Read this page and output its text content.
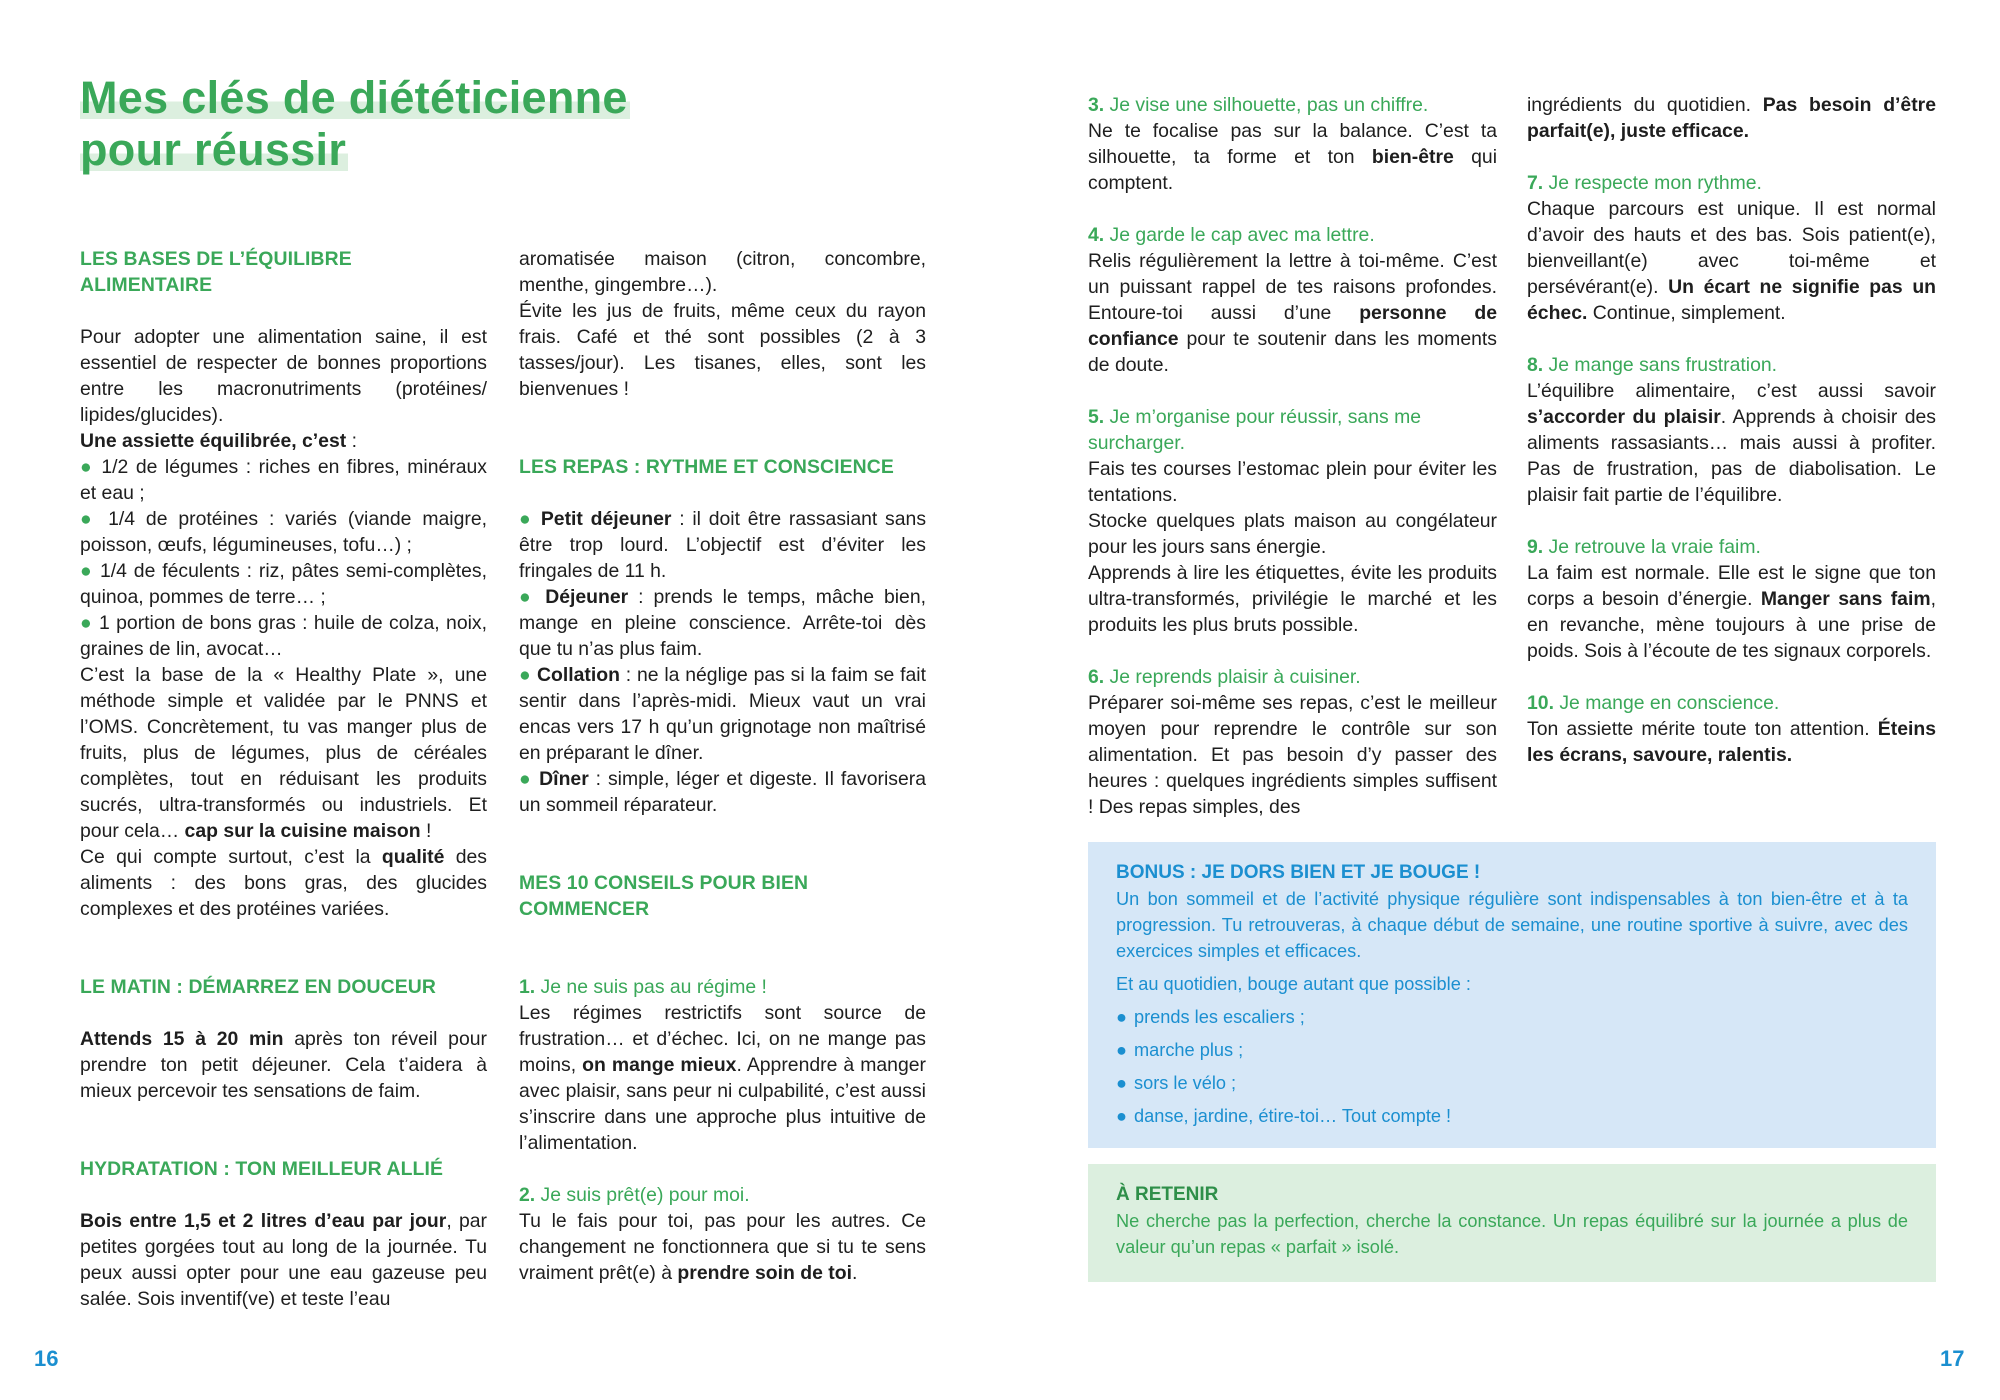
Mes clés de diététicienne
pour réussir

LES BASES DE L’ÉQUILIBRE
ALIMENTAIRE

Pour adopter une alimentation saine, il est essentiel de respecter de bonnes proportions entre les macronutriments (protéines/ lipides/glucides).

Une assiette équilibrée, c’est :

● 1/2 de légumes : riches en fibres, minéraux et eau ;

● 1/4 de protéines : variés (viande maigre, poisson, œufs, légumineuses, tofu…) ;

● 1/4 de féculents : riz, pâtes semi-complètes, quinoa, pommes de terre… ;

● 1 portion de bons gras : huile de colza, noix, graines de lin, avocat…

C’est la base de la « Healthy Plate », une méthode simple et validée par le PNNS et l’OMS. Concrètement, tu vas manger plus de fruits, plus de légumes, plus de céréales complètes, tout en réduisant les produits sucrés, ultra-transformés ou industriels. Et pour cela… cap sur la cuisine maison !

Ce qui compte surtout, c’est la qualité des aliments : des bons gras, des glucides complexes et des protéines variées.

LE MATIN : DÉMARREZ EN DOUCEUR

Attends 15 à 20 min après ton réveil pour prendre ton petit déjeuner. Cela t’aidera à mieux percevoir tes sensations de faim.

HYDRATATION : TON MEILLEUR ALLIÉ

Bois entre 1,5 et 2 litres d’eau par jour, par petites gorgées tout au long de la journée. Tu peux aussi opter pour une eau gazeuse peu salée. Sois inventif(ve) et teste l’eau

aromatisée maison (citron, concombre, menthe, gingembre…).

Évite les jus de fruits, même ceux du rayon frais. Café et thé sont possibles (2 à 3 tasses/jour). Les tisanes, elles, sont les bienvenues !

LES REPAS : RYTHME ET CONSCIENCE

● Petit déjeuner : il doit être rassasiant sans être trop lourd. L’objectif est d’éviter les fringales de 11 h.

● Déjeuner : prends le temps, mâche bien, mange en pleine conscience. Arrête-toi dès que tu n’as plus faim.

● Collation : ne la néglige pas si la faim se fait sentir dans l’après-midi. Mieux vaut un vrai encas vers 17 h qu’un grignotage non maîtrisé en préparant le dîner.

● Dîner : simple, léger et digeste. Il favorisera un sommeil réparateur.

MES 10 CONSEILS POUR BIEN
COMMENCER

1. Je ne suis pas au régime !

Les régimes restrictifs sont source de frustration… et d’échec. Ici, on ne mange pas moins, on mange mieux. Apprendre à manger avec plaisir, sans peur ni culpabilité, c’est aussi s’inscrire dans une approche plus intuitive de l’alimentation.

2. Je suis prêt(e) pour moi.

Tu le fais pour toi, pas pour les autres. Ce changement ne fonctionnera que si tu te sens vraiment prêt(e) à prendre soin de toi.

3. Je vise une silhouette, pas un chiffre.

Ne te focalise pas sur la balance. C’est ta silhouette, ta forme et ton bien-être qui comptent.

4. Je garde le cap avec ma lettre.

Relis régulièrement la lettre à toi-même. C’est un puissant rappel de tes raisons profondes. Entoure-toi aussi d’une personne de confiance pour te soutenir dans les moments de doute.

5. Je m’organise pour réussir, sans me surcharger.

Fais tes courses l’estomac plein pour éviter les tentations.

Stocke quelques plats maison au congélateur pour les jours sans énergie.

Apprends à lire les étiquettes, évite les produits ultra-transformés, privilégie le marché et les produits les plus bruts possible.

6. Je reprends plaisir à cuisiner.

Préparer soi-même ses repas, c’est le meilleur moyen pour reprendre le contrôle sur son alimentation. Et pas besoin d’y passer des heures : quelques ingrédients simples suffisent ! Des repas simples, des

ingrédients du quotidien. Pas besoin d’être parfait(e), juste efficace.

7. Je respecte mon rythme.

Chaque parcours est unique. Il est normal d’avoir des hauts et des bas. Sois patient(e), bienveillant(e) avec toi-même et persévérant(e). Un écart ne signifie pas un échec. Continue, simplement.

8. Je mange sans frustration.

L’équilibre alimentaire, c’est aussi savoir s’accorder du plaisir. Apprends à choisir des aliments rassasiants… mais aussi à profiter. Pas de frustration, pas de diabolisation. Le plaisir fait partie de l’équilibre.

9. Je retrouve la vraie faim.

La faim est normale. Elle est le signe que ton corps a besoin d’énergie. Manger sans faim, en revanche, mène toujours à une prise de poids. Sois à l’écoute de tes signaux corporels.

10. Je mange en conscience.

Ton assiette mérite toute ton attention. Éteins les écrans, savoure, ralentis.

BONUS : JE DORS BIEN ET JE BOUGE !

Un bon sommeil et de l’activité physique régulière sont indispensables à ton bien-être et à ta progression. Tu retrouveras, à chaque début de semaine, une routine sportive à suivre, avec des exercices simples et efficaces.

Et au quotidien, bouge autant que possible :

● prends les escaliers ;
● marche plus ;
● sors le vélo ;
● danse, jardine, étire-toi… Tout compte !

À RETENIR

Ne cherche pas la perfection, cherche la constance. Un repas équilibré sur la journée a plus de valeur qu’un repas « parfait » isolé.

16	17
